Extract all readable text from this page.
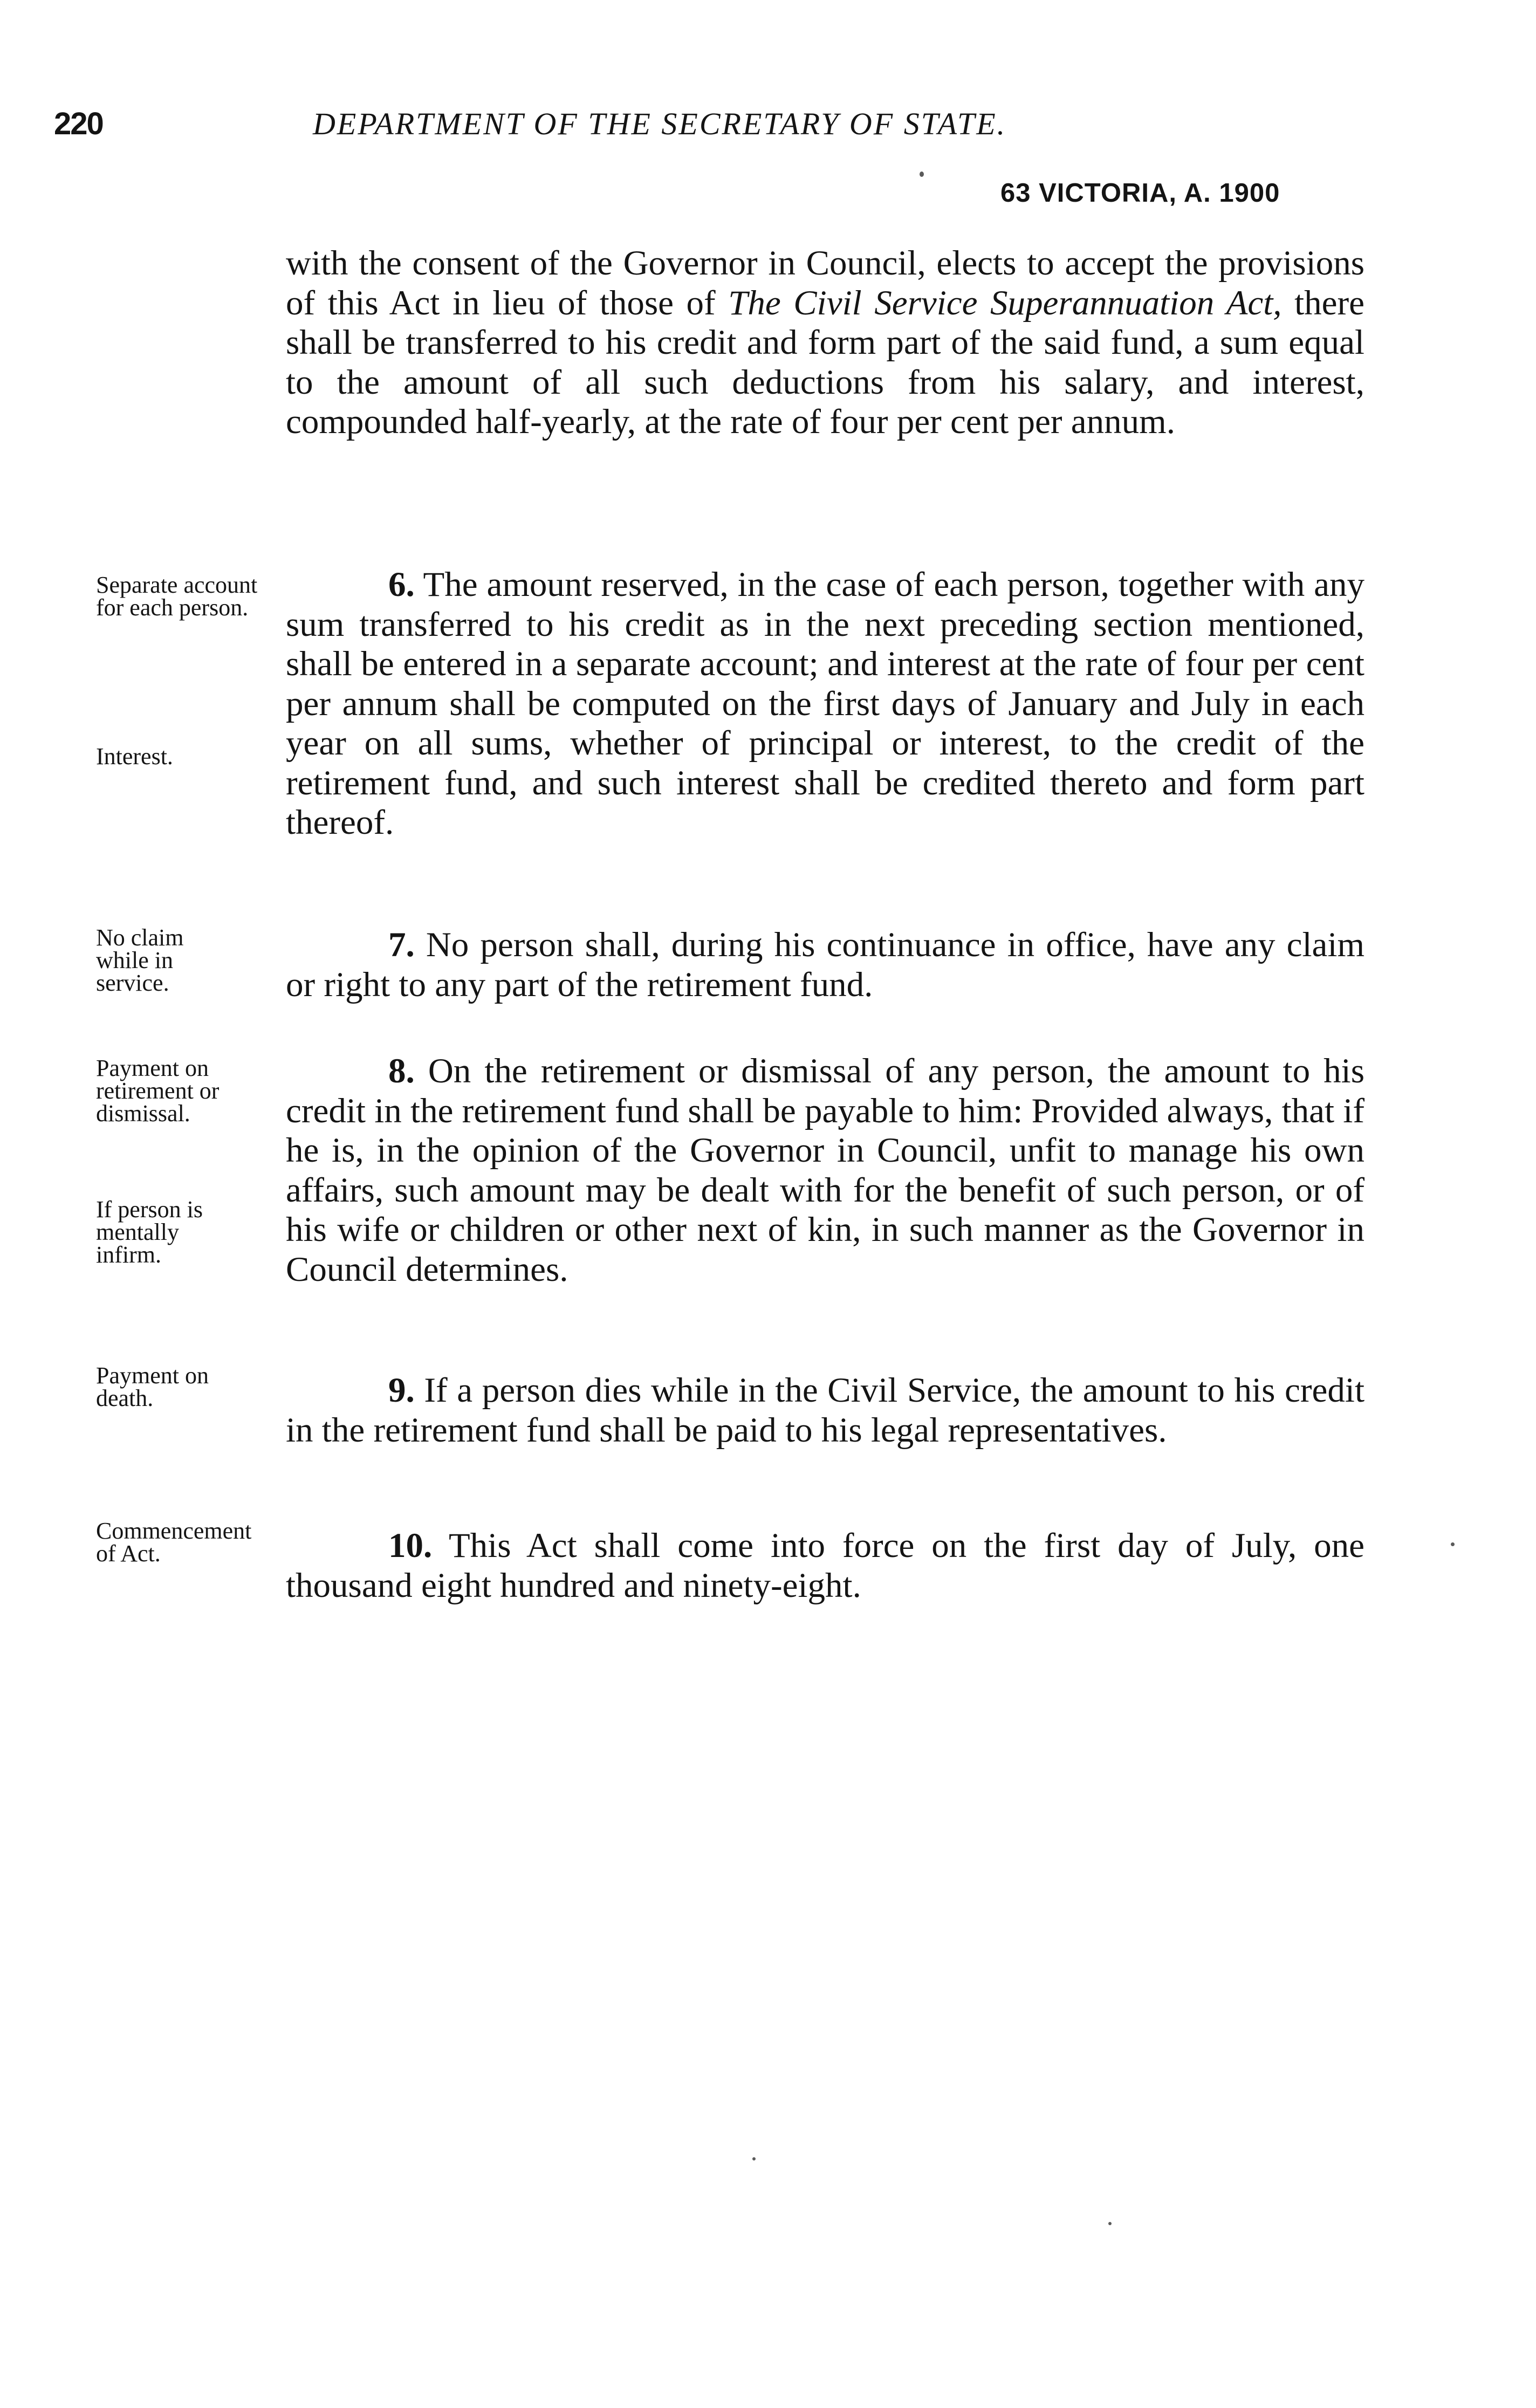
220	DEPARTMENT OF THE SECRETARY OF STATE.
63 VICTORIA, A. 1900

with the consent of the Governor in Council, elects to accept the provisions of this Act in lieu of those of The Civil Service Superannuation Act, there shall be transferred to his credit and form part of the said fund, a sum equal to the amount of all such deductions from his salary, and interest, compounded half-yearly, at the rate of four per cent per annum.

6. The amount reserved, in the case of each person, together with any sum transferred to his credit as in the next preceding section mentioned, shall be entered in a separate account; and interest at the rate of four per cent per annum shall be computed on the first days of January and July in each year on all sums, whether of principal or interest, to the credit of the retirement fund, and such interest shall be credited thereto and form part thereof.

7. No person shall, during his continuance in office, have any claim or right to any part of the retirement fund.

8. On the retirement or dismissal of any person, the amount to his credit in the retirement fund shall be payable to him: Provided always, that if he is, in the opinion of the Governor in Council, unfit to manage his own affairs, such amount may be dealt with for the benefit of such person, or of his wife or children or other next of kin, in such manner as the Governor in Council determines.

9. If a person dies while in the Civil Service, the amount to his credit in the retirement fund shall be paid to his legal representatives.

10. This Act shall come into force on the first day of July, one thousand eight hundred and ninety-eight.

Separate account for each person.
Interest.
No claim while in service.
Payment on retirement or dismissal.
If person is mentally infirm.
Payment on death.
Commencement of Act.
